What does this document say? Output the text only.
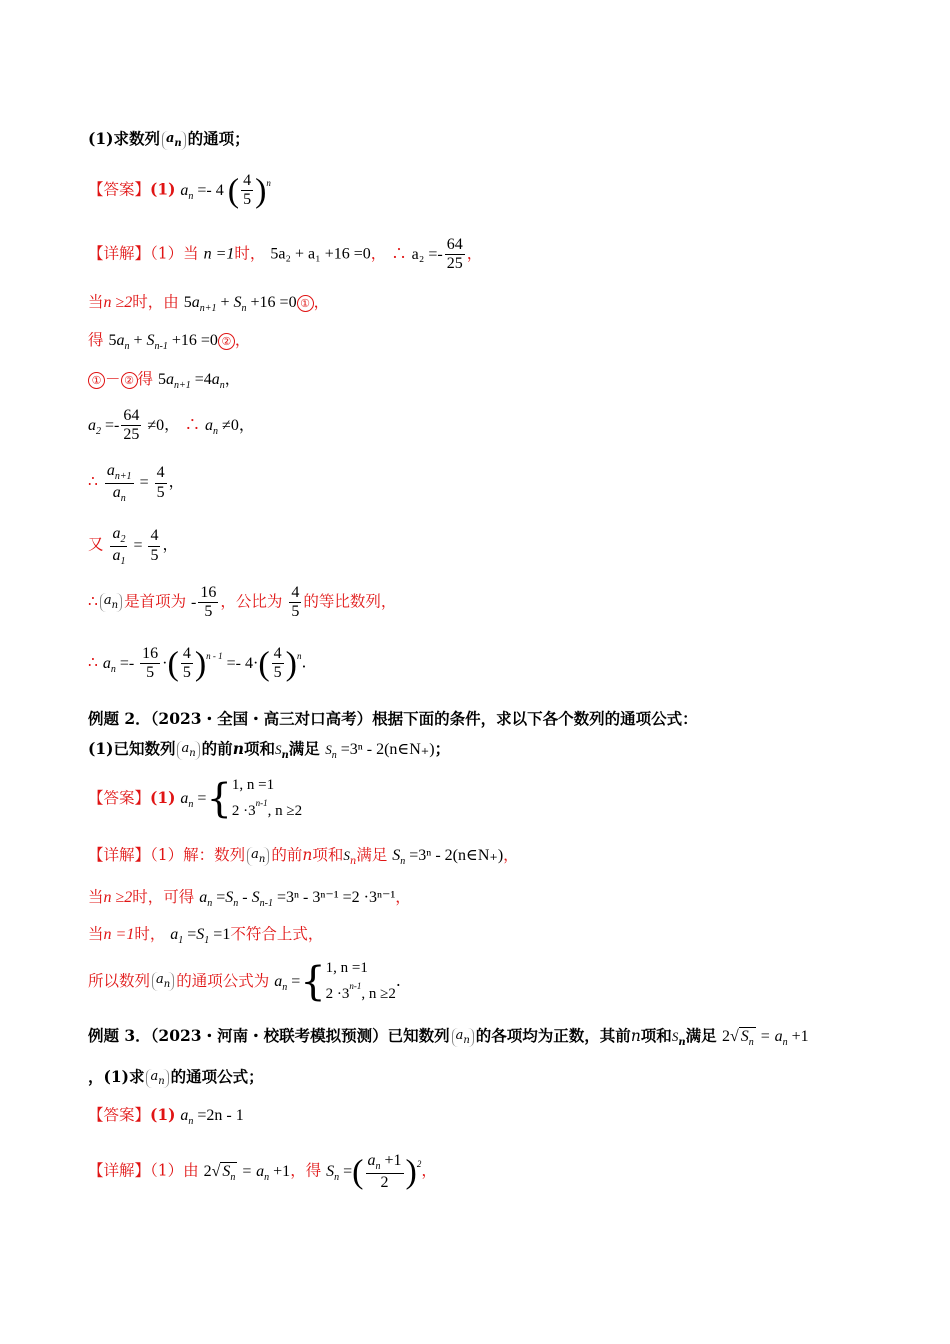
(1)求数列 $a_n$ 的通项；
【答案】(1) $a_n =- 4$ ( $\frac{4}{5} )^n$
【详解】（1）当 n =1时， 5a₂ + a₁ +16 =0， ∴ $a_2 =- \frac{64}{25}$ ，
当n ≥2时，由 $5a_{n+1} + S_n +16 =0$ ① ，
得 $5a_n + S_{n-1} +16 =0$ ② ，
① － ② 得 $5a_{n+1} =4a_n$，
$a_2 =- \frac{64}{25} \ne 0$， ∴ $a_n \ne 0$，
∴ $\frac{a_{n+1}}{a_n} = \frac{4}{5}$ ，
又 $\frac{a_2}{a_1} = \frac{4}{5}$ ，
∴ $a_n$ 是首项为 - $\frac{16}{5}$ ，公比为 $\frac{4}{5}$ 的等比数列，
∴ $a_n =- \frac{16}{5}$ ·( $\frac{4}{5} )^{n - 1} =- 4\cdot( \frac{4}{5} )^n$.
例题 2．（2023・全国・高三对口高考）根据下面的条件，求以下各个数列的通项公式：
(1)已知数列 $a_n$ 的前n项和$S_n$满足 $S_n =3^n$ - 2(n∈N₊)；
【答案】(1) $a_n =\{1$, n =1
$2 \cdot 3^{n-1}$, n ≥2
【详解】（1）解：数列 $a_n$ 的前n项和$S_n$满足 $S_n =3^n$ - 2(n∈N₊)，
当n ≥2时，可得 $a_n =S_n - S_{n-1} =3^n - 3^{n-1} =2 \cdot 3^{n-1}$，
当n =1时， $a_1 =S_1 =1$不符合上式，
所以数列 $a_n$ 的通项公式为 $a_n =\{1$, n =1
$2 \cdot 3^{n-1}$, n ≥2.
例题 3．（2023・河南・校联考模拟预测）已知数列 $a_n$ 的各项均为正数，其前n项和$S_n$满足 2√ $S_n = a_n +1$
，(1)求 $a_n$ 的通项公式；
【答案】(1) $a_n =2n - 1$
【详解】（1）由 2√ $S_n = a_n +1$，得 $S_n$ =( $\frac{a_n +1}{2} )^2$，
